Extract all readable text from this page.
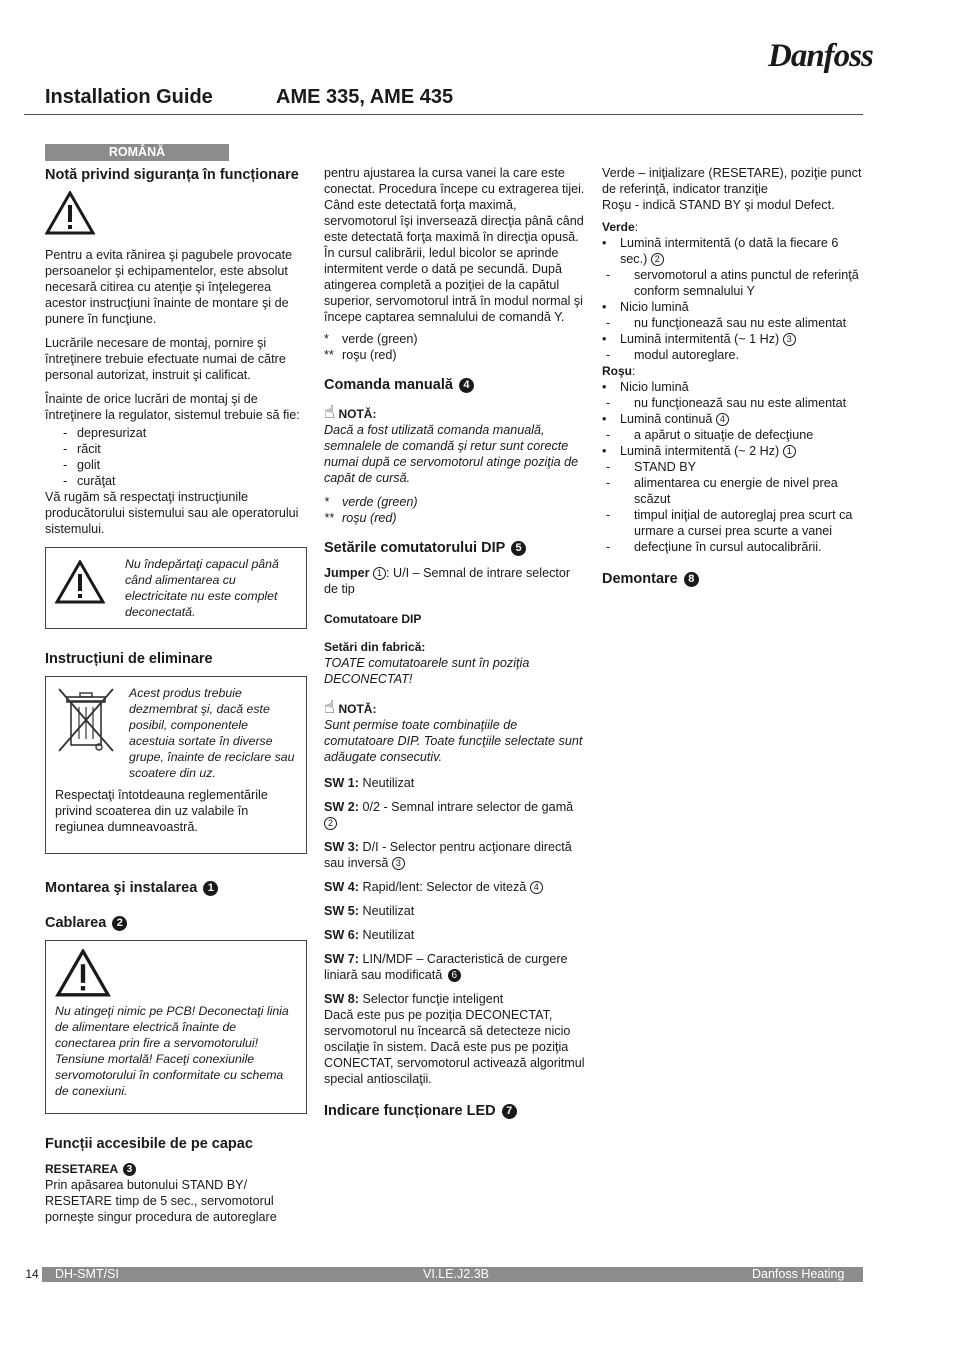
Danfoss
Installation Guide	AME 335, AME 435
ROMÂNĂ
Notă privind siguranța în funcționare

Pentru a evita rănirea şi pagubele provocate persoanelor şi echipamentelor, este absolut necesară citirea cu atenţie şi înţelegerea acestor instrucţiuni înainte de montare şi de punere în funcţiune.

Lucrările necesare de montaj, pornire şi întreţinere trebuie efectuate numai de către personal autorizat, instruit şi calificat.

Înainte de orice lucrări de montaj şi de întreţinere la regulator, sistemul trebuie să fie:

- depresurizat
- răcit
- golit
- curăţat

Vă rugăm să respectaţi instrucţiunile producătorului sistemului sau ale operatorului sistemului.

Nu îndepărtaţi capacul până când alimentarea cu electricitate nu este complet deconectată.
Instrucțiuni de eliminare
Acest produs trebuie dezmembrat şi, dacă este posibil, componentele acestuia sortate în diverse grupe, înainte de reciclare sau scoatere din uz.
Respectaţi întotdeauna reglementările privind scoaterea din uz valabile în regiunea dumneavoastră.
Montarea şi instalarea 1
Cablarea 2
Nu atingeţi nimic pe PCB! Deconectaţi linia de alimentare electrică înainte de conectarea prin fire a servomotorului! Tensiune mortală! Faceţi conexiunile servomotorului în conformitate cu schema de conexiuni.
Funcții accesibile de pe capac
RESETAREA 3
Prin apăsarea butonului STAND BY/ RESETARE timp de 5 sec., servomotorul porneşte singur procedura de autoreglare
pentru ajustarea la cursa vanei la care este conectat. Procedura începe cu extragerea tijei.
Când este detectată forţa maximă, servomotorul îşi inversează direcţia până când este detectată forţa maximă în direcţia opusă.
În cursul calibrării, ledul bicolor se aprinde intermitent verde o dată pe secundă. După atingerea completă a poziţiei de la capătul superior, servomotorul intră în modul normal şi începe captarea semnalului de comandă Y.
* verde (green)
** roşu (red)
Comanda manuală 4
☝ NOTĂ:
Dacă a fost utilizată comanda manuală, semnalele de comandă şi retur sunt corecte numai după ce servomotorul atinge poziţia de capăt de cursă.
* verde (green)
** roşu (red)
Setările comutatorului DIP 5

Jumper 1 : U/I – Semnal de intrare selector de tip

Comutatoare DIP

Setări din fabrică:

TOATE comutatoarele sunt în poziţia DECONECTAT!

☝ NOTĂ:

Sunt permise toate combinaţiile de comutatoare DIP. Toate funcţiile selectate sunt adăugate consecutiv.

SW 1: Neutilizat

SW 2: 0/2 - Semnal intrare selector de gamă 2

SW 3: D/I - Selector pentru acţionare directă sau inversă 3

SW 4: Rapid/lent: Selector de viteză 4

SW 5: Neutilizat

SW 6: Neutilizat

SW 7: LIN/MDF – Caracteristică de curgere liniară sau modificată 6

SW 8: Selector funcţie inteligent
Dacă este pus pe poziţia DECONECTAT, servomotorul nu încearcă să detecteze nicio oscilaţie în sistem. Dacă este pus pe poziţia CONECTAT, servomotorul activează algoritmul special antioscilaţii.
Indicare funcționare LED 7
Verde – iniţializare (RESETARE), poziţie punct de referinţă, indicator tranziţie

Roşu - indică STAND BY şi modul Defect.

Verde:
• Lumină intermitentă (o dată la fiecare 6 sec.) 2
- servomotorul a atins punctul de referinţă conform semnalului Y
• Nicio lumină
- nu funcţionează sau nu este alimentat
• Lumină intermitentă (~ 1 Hz) 3
- modul autoreglare.
Roşu:
• Nicio lumină
- nu funcţionează sau nu este alimentat
• Lumină continuă 4
- a apărut o situaţie de defecţiune
• Lumină intermitentă (~ 2 Hz) 1
- STAND BY
- alimentarea cu energie de nivel prea scăzut
- timpul iniţial de autoreglaj prea scurt ca urmare a cursei prea scurte a vanei
- defecţiune în cursul autocalibrării.
Demontare 8
14 DH-SMT/SI	VI.LE.J2.3B	Danfoss Heating
